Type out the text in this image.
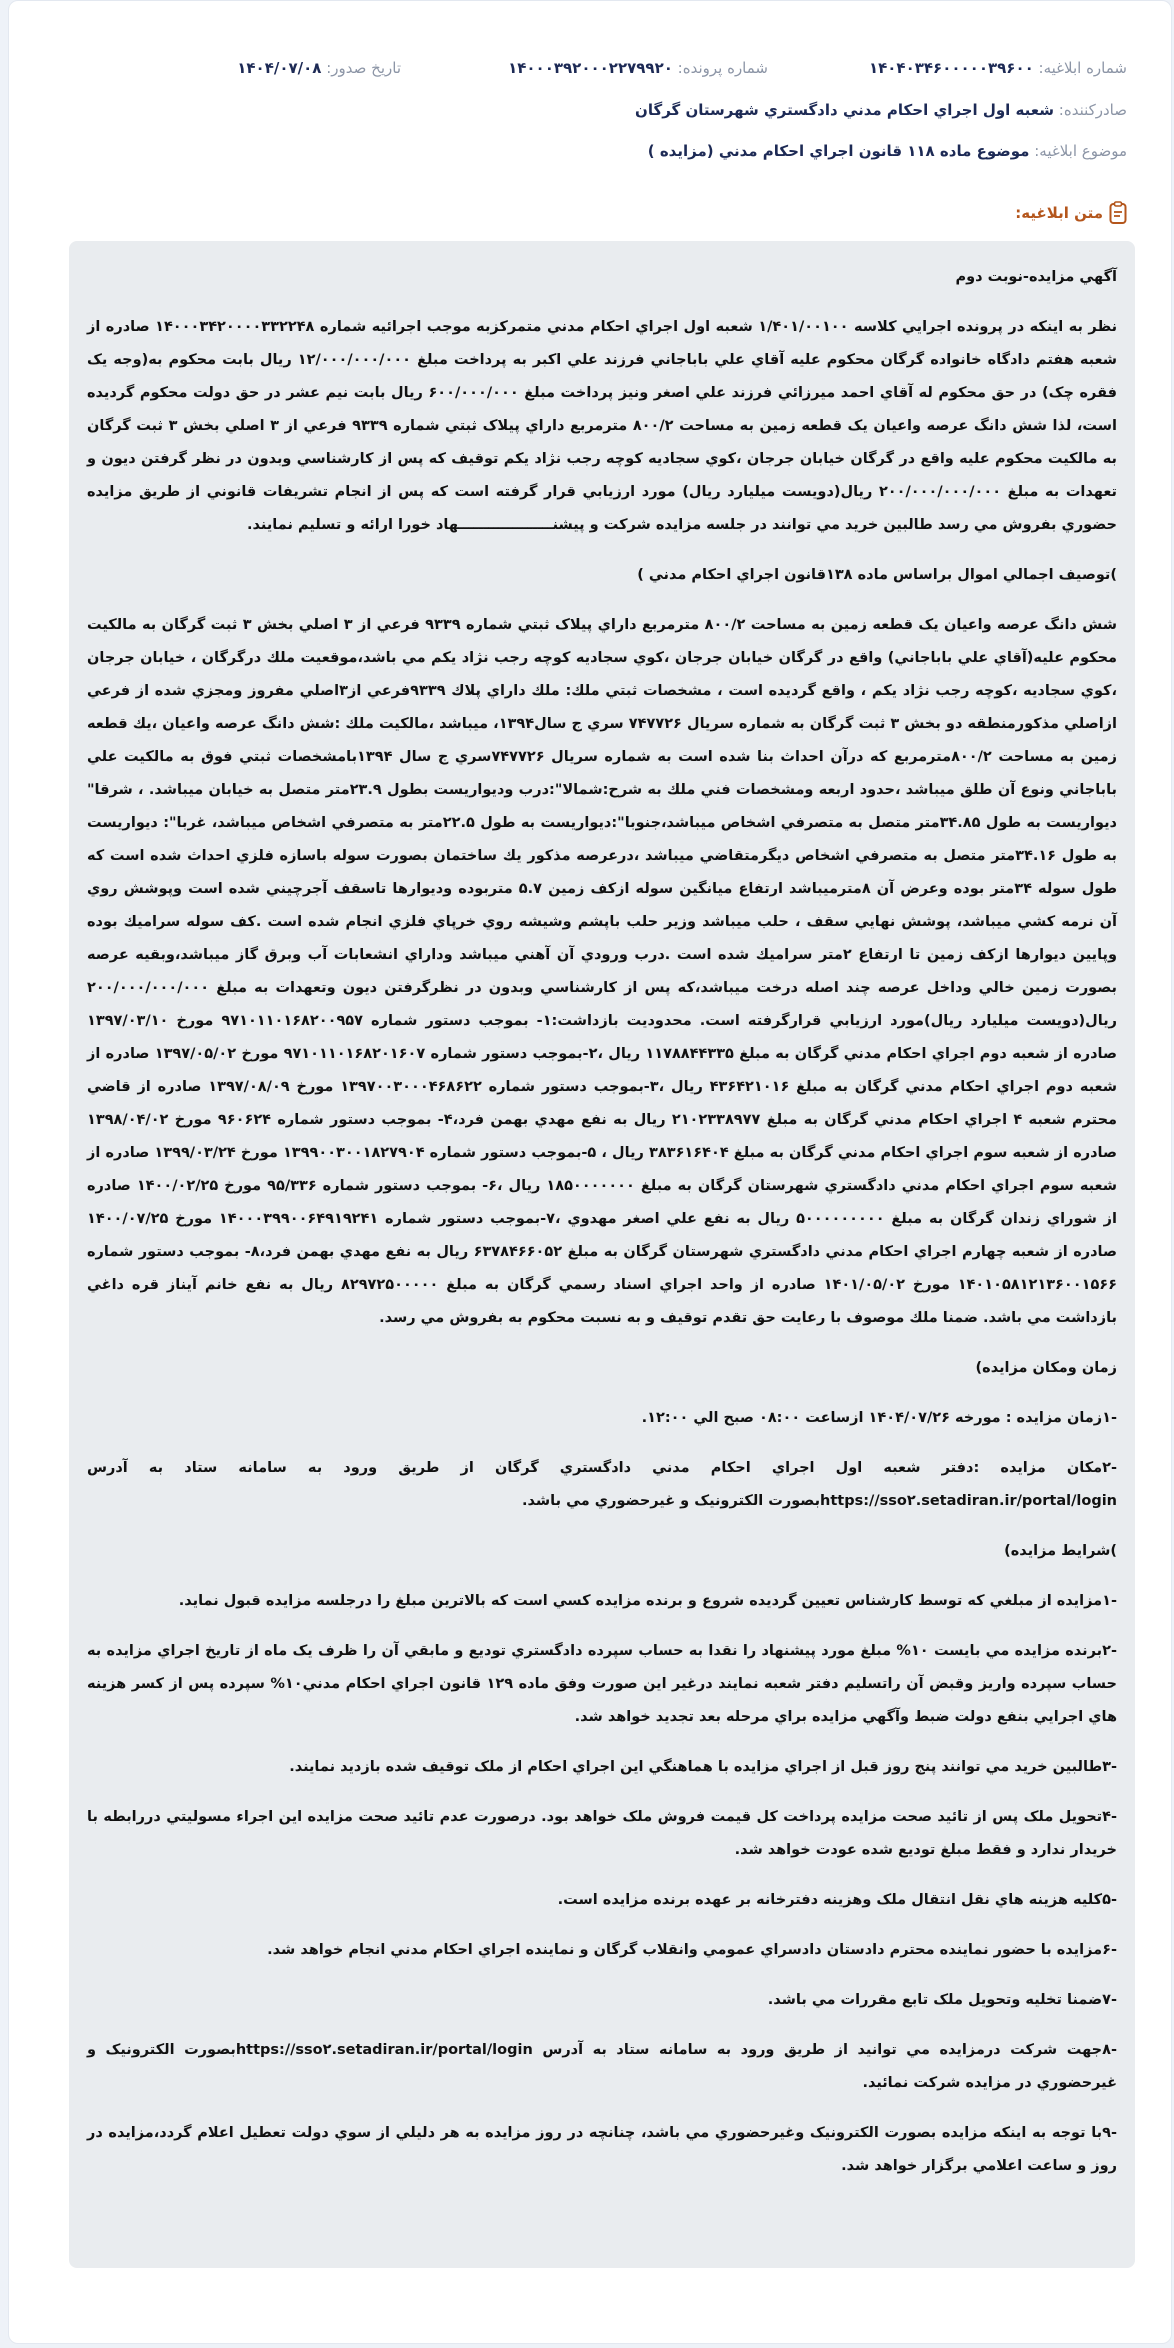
شماره ابلاغيه: ۱۴۰۴۰۳۴۶۰۰۰۰۰۳۹۶۰۰
شماره پرونده: ۱۴۰۰۰۳۹۲۰۰۰۲۲۷۹۹۲۰
تاريخ صدور: ۱۴۰۴/۰۷/۰۸
صادرکننده: شعبه اول اجراي احكام مدني دادگستري شهرستان گرگان
موضوع ابلاغيه: موضوع ماده ۱۱۸ قانون اجراي احكام مدني (مزايده )
متن ابلاغيه:

آگهي مزايده-نوبت دوم

نظر به اينكه در پرونده اجرايي كلاسه ۱/۴۰۱/۰۰۱۰۰ شعبه اول اجراي احكام مدني متمركزبه موجب اجرائيه شماره ۱۴۰۰۰۳۴۲۰۰۰۰۳۳۲۲۴۸ صادره از شعبه هفتم دادگاه خانواده گرگان محكوم عليه آقاي علي باباجاني فرزند علي اكبر به پرداخت مبلغ ۱۲/۰۰۰/۰۰۰/۰۰۰ ريال بابت محكوم به(وجه يک فقره چک) در حق محكوم له آقاي احمد ميرزائي فرزند علي اصغر ونيز پرداخت مبلغ ۶۰۰/۰۰۰/۰۰۰ ريال بابت نيم عشر در حق دولت محكوم گرديده است، لذا شش دانگ عرصه واعيان يک قطعه زمين به مساحت ۸۰۰/۲ مترمربع داراي پيلاک ثبتي شماره ۹۳۳۹ فرعي از ۳ اصلي بخش ۳ ثبت گرگان به مالكيت محكوم عليه واقع در گرگان خيابان جرجان ،كوي سجاديه كوچه رجب نژاد يكم توقيف كه پس از كارشناسي وبدون در نظر گرفتن ديون و تعهدات به مبلغ ۲۰۰/۰۰۰/۰۰۰/۰۰۰ ريال(دويست ميليارد ريال) مورد ارزيابي قرار گرفته است كه پس از انجام تشريفات قانوني از طريق مزايده حضوري بفروش مي رسد طالبين خريد مي توانند در جلسه مزايده شركت و پيشنـــــــــــــــــــهاد خورا ارائه و تسليم نمايند.

)توصيف اجمالي اموال براساس ماده ۱۳۸قانون اجراي احكام مدني )

شش دانگ عرصه واعيان يک قطعه زمين به مساحت ۸۰۰/۲ مترمربع داراي پيلاک ثبتي شماره ۹۳۳۹ فرعي از ۳ اصلي بخش ۳ ثبت گرگان به مالكيت محكوم عليه(آقاي علي باباجاني) واقع در گرگان خيابان جرجان ،كوي سجاديه كوچه رجب نژاد يكم مي باشد،موقعيت ملك درگرگان ، خيابان جرجان ،كوي سجاديه ،كوچه رجب نژاد يكم ، واقع گرديده است ، مشخصات ثبتي ملك: ملك داراي پلاك ۹۳۳۹فرعي از۳اصلي مفروز ومجزي شده از فرعي ازاصلي مذكورمنطقه دو بخش ۳ ثبت گرگان به شماره سريال ۷۴۷۷۲۶ سري ج سال۱۳۹۴، ميباشد ،مالكيت ملك :شش دانگ عرصه واعيان ،يك قطعه زمين به مساحت ۸۰۰/۲مترمربع كه درآن احداث بنا شده است به شماره سريال ۷۴۷۷۲۶سري ج سال ۱۳۹۴بامشخصات ثبتي فوق به مالكيت علي باباجاني ونوع آن طلق ميباشد ،حدود اربعه ومشخصات فني ملك به شرح:شمالا":درب وديواريست بطول ۲۳.۹متر متصل به خيابان ميباشد. ، شرقا" ديواريست به طول ۳۴.۸۵متر متصل به متصرفي اشخاص ميباشد،جنوبا":ديواريست به طول ۲۲.۵متر به متصرفي اشخاص ميباشد، غربا": ديواريست به طول ۳۴.۱۶متر متصل به متصرفي اشخاص ديگرمتقاضي ميباشد ،درعرصه مذكور يك ساختمان بصورت سوله باسازه فلزي احداث شده است كه طول سوله ۳۴متر بوده وعرض آن ۸مترميباشد ارتفاع ميانگين سوله ازكف زمين ۵.۷ متربوده وديوارها تاسقف آجرچيني شده است وپوشش روي آن نرمه كشي ميباشد، پوشش نهايي سقف ، حلب ميباشد وزير حلب باپشم وشيشه روي خرپاي فلزي انجام شده است .كف سوله سراميك بوده وپايين ديوارها ازكف زمين تا ارتفاع ۲متر سراميك شده است .درب ورودي آن آهني ميباشد وداراي انشعابات آب وبرق گاز ميباشد،وبقيه عرصه بصورت زمين خالي وداخل عرصه چند اصله درخت ميباشد،كه پس از كارشناسي وبدون در نظرگرفتن ديون وتعهدات به مبلغ ۲۰۰/۰۰۰/۰۰۰/۰۰۰ ريال(دويست ميليارد ريال)مورد ارزيابي قرارگرفته است. محدوديت بازداشت:۱- بموجب دستور شماره ۹۷۱۰۱۱۰۱۶۸۲۰۰۹۵۷ مورخ ۱۳۹۷/۰۳/۱۰ صادره از شعبه دوم اجراي احكام مدني گرگان به مبلغ ۱۱۷۸۸۴۴۳۳۵ ريال ،۲-بموجب دستور شماره ۹۷۱۰۱۱۰۱۶۸۲۰۱۶۰۷ مورخ ۱۳۹۷/۰۵/۰۲ صادره از شعبه دوم اجراي احكام مدني گرگان به مبلغ ۴۳۶۴۲۱۰۱۶ ريال ،۳-بموجب دستور شماره ۱۳۹۷۰۰۳۰۰۰۴۶۸۶۲۲ مورخ ۱۳۹۷/۰۸/۰۹ صادره از قاضي محترم شعبه ۴ اجراي احكام مدني گرگان به مبلغ ۲۱۰۲۳۳۸۹۷۷ ريال به نفع مهدي بهمن فرد،۴- بموجب دستور شماره ۹۶۰۶۲۴ مورخ ۱۳۹۸/۰۴/۰۲ صادره از شعبه سوم اجراي احكام مدني گرگان به مبلغ ۳۸۳۶۱۶۴۰۴ ريال ، ۵-بموجب دستور شماره ۱۳۹۹۰۰۳۰۰۱۸۲۷۹۰۴ مورخ ۱۳۹۹/۰۳/۲۴ صادره از شعبه سوم اجراي احكام مدني دادگستري شهرستان گرگان به مبلغ ۱۸۵۰۰۰۰۰۰۰ ريال ،۶- بموجب دستور شماره ۹۵/۳۳۶ مورخ ۱۴۰۰/۰۲/۲۵ صادره از شوراي زندان گرگان به مبلغ ۵۰۰۰۰۰۰۰۰۰ ريال به نفع علي اصغر مهدوي ،۷-بموجب دستور شماره ۱۴۰۰۰۳۹۹۰۰۶۴۹۱۹۲۴۱ مورخ ۱۴۰۰/۰۷/۲۵ صادره از شعبه چهارم اجراي احكام مدني دادگستري شهرستان گرگان به مبلغ ۶۳۷۸۴۶۶۰۵۲ ريال به نفع مهدي بهمن فرد،۸- بموجب دستور شماره ۱۴۰۱۰۵۸۱۲۱۳۶۰۰۱۵۶۶ مورخ ۱۴۰۱/۰۵/۰۲ صادره از واحد اجراي اسناد رسمي گرگان به مبلغ ۸۲۹۷۲۵۰۰۰۰۰ ريال به نفع خانم آيناز قره داغي بازداشت مي باشد. ضمنا ملك موصوف با رعايت حق تقدم توقيف و به نسبت محكوم به بفروش مي رسد.

زمان ومكان مزايده)

-۱زمان مزايده : مورخه ۱۴۰۴/۰۷/۲۶ ازساعت ۰۸:۰۰ صبح الي ۱۲:۰۰.

-۲مكان مزايده :دفتر شعبه اول اجراي احكام مدني دادگستري گرگان از طريق ورود به سامانه ستاد به آدرس https://sso۲.setadiran.ir/portal/loginبصورت الكترونيک و غيرحضوري مي باشد.

)شرايط مزايده)

-۱مزايده از مبلغي كه توسط كارشناس تعيين گرديده شروع و برنده مزايده كسي است كه بالاترين مبلغ را درجلسه مزايده قبول نمايد.

-۲برنده مزايده مي بايست ۱۰% مبلغ مورد پيشنهاد را نقدا به حساب سپرده دادگستري توديع و مابقي آن را ظرف يک ماه از تاريخ اجراي مزايده به حساب سپرده واريز وقبض آن راتسليم دفتر شعبه نمايند درغير اين صورت وفق ماده ۱۲۹ قانون اجراي احكام مدني۱۰% سپرده پس از كسر هزينه هاي اجرايي بنفع دولت ضبط وآگهي مزايده براي مرحله بعد تجديد خواهد شد.

-۳طالبين خريد مي توانند پنج روز قبل از اجراي مزايده با هماهنگي اين اجراي احكام از ملک توقيف شده بازديد نمايند.

-۴تحويل ملک پس از تائيد صحت مزايده پرداخت كل قيمت فروش ملک خواهد بود. درصورت عدم تائيد صحت مزايده اين اجراء مسوليتي دررابطه با خريدار ندارد و فقط مبلغ توديع شده عودت خواهد شد.

-۵كليه هزينه هاي نقل انتقال ملک وهزينه دفترخانه بر عهده برنده مزايده است.

-۶مزايده با حضور نماينده محترم دادستان دادسراي عمومي وانقلاب گرگان و نماينده اجراي احكام مدني انجام خواهد شد.

-۷ضمنا تخليه وتحويل ملک تابع مقررات مي باشد.

-۸جهت شركت درمزايده مي توانيد از طريق ورود به سامانه ستاد به آدرس https://sso۲.setadiran.ir/portal/loginبصورت الكترونيک و غيرحضوري در مزايده شركت نمائيد.

-۹با توجه به اينكه مزايده بصورت الكترونيک وغيرحضوري مي باشد، چنانچه در روز مزايده به هر دليلي از سوي دولت تعطيل اعلام گردد،مزايده در روز و ساعت اعلامي برگزار خواهد شد.
